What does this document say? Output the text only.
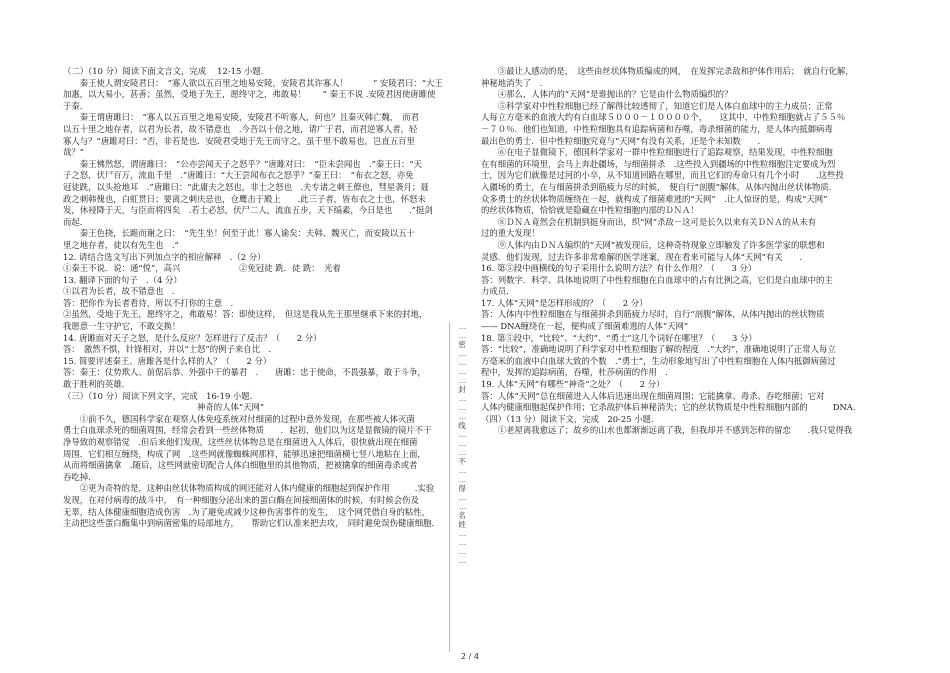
（二）（10 分）阅读下面文言文，完成　 12-15 小题．

　　秦王使人谓安陵君曰：　“寡人欲以五百里之地易安陵，安陵君其许寡人！　　　” 安陵君曰：“大王

加惠，以大易小，甚善；虽然，受地于先王，愿终守之，弗敢易！　　” 秦王不说 .安陵君因使唐雎使

于秦．

　　秦王谓唐雎曰：　“寡人以五百里之地易安陵，安陵君不听寡人，何也？且秦灭韩亡魏，　而君

以五十里之地存者，以君为长者，故不错意也　.今吾以十倍之地，请广于君，而君逆寡人者，轻

寡人与？”唐雎对曰：“否，非若是也．安陵君受地于先王而守之，虽千里不敢易也，岂直五百里

哉？”

　　秦王怫然怒，谓唐雎曰：　“公亦尝闻天子之怒乎？”唐雎对曰：　“臣未尝闻也　.”秦王曰：“天

子之怒，伏尸百万，流血千里　.”唐雎曰：“大王尝闻布衣之怒乎？”秦王曰：　“布衣之怒，亦免

冠徒跣，以头抢地耳　.”唐雎曰：“此庸夫之怒也，非士之怒也　.夫专诸之刺王僚也，彗星袭月；聂

政之刺韩傀也，白虹贯日；要离之刺庆忌也，仓鹰击于殿上　　.此三子者，皆布衣之士也，怀怒未

发，休祲降于天，与臣而将四矣　.若士必怒，伏尸二人，流血五步，天下缟素，今日是也　　.”挺剑

而起．

　　秦王色挠，长跪而谢之曰：　“先生坐！何至于此！寡人谕矣：夫韩、魏灭亡，而安陵以五十

里之地存者，徒以有先生也　.”

12. 请结合选文写出下列加点字的相应解释　.（2 分）

①秦王不说．说：通“悦”，高兴　　　　　　　②免冠徒 跣．徒 跣：　光着

13. 翻译下面的句子　.（4 分）

①以君为长者，故不错意也　.

答：把你作为长者看待，所以不打你的主意　.

②虽然，受地于先王，愿终守之，弗敢易！答：即使这样，　但这是我从先王那里继承下来的封地，

我愿意一生守护它，不敢交换！

14. 唐雎面对天子之怒，是什么反应？怎样进行了反击？（　　2 分）

答：　激然不惧，针锋相对，并以“士怒”的例子来自比　.

15. 简要评述秦王、唐雎各是什么样的人？（　　2 分）

答：秦王：仗势欺人、前倨后恭、外强中干的暴君　.　　唐雎：忠于使命，不畏强暴，敢于斗争，

敢于胜利的英雄．

（三）（10 分）阅读下列文字，完成　16-19 小题．

　　　　　　　　　　　　　　　　神奇的人体“天网”

　　①前不久，德国科学家在观察人体免疫系统对付细菌的过程中意外发现，在那些被人体灭菌

勇士白血球杀死的细菌周围，经常会看到一些丝体物质　　．起初，他们以为这是显微镜的镜片不干

净导致的观察错觉　.但后来他们发现，这些丝状体物总是在细菌进入人体后，很快就出现在细菌

周围．它们相互缠绕，构成了网　.这些网就像蜘蛛网那样，能够迅速把细菌横七竖八地粘在上面，

从而将细菌擒拿　.随后，这些网就密切配合人体白细胞里的其他物质，把被擒拿的细菌毒杀或者

吞吃掉．

　　②更为奇特的是，这种由丝状体物质构成的网还能对人体内健康的细胞起到保护作用　　　.实验

发现，在对付病毒的战斗中，　有一种细胞分泌出来的蛋白酶在间接细菌体的时候，有时候会伤及

无辜，结人体健康细胞造成伤害　.为了避免或减少这种伤害事件的发生，　这个网凭借自身的粘性，

主动把这些蛋白酶集中到病菌密集的局部地方，　　帮助它们认准来把去攻，　同时避免误伤健康细胞．

　　③最让人感动的是，　这些由丝状体物质编成的网，　在发挥完杀敌和护体作用后；　就自行化解，

神秘地消失了　.

　　④那么，人体内的“天网”是谁抛出的？它是由什么物质编织的？

　　⑤科学家对中性粒细胞已经了解得比较透彻了，知道它们是人体白血球中的主力成员：正常

人每立方毫米的血液大约有白血球５０００－１００００个，　　这其中，中性粒细胞就占了５５％

－７０％．他们也知道，中性粒细胞具有追踪病菌和吞噬，毒杀细菌的能力，是人体内抵御病毒

最出色的勇士．但中性粒细胞究竟与“天网”有没有关系，还是个未知数　　.

　　⑥在电子显微镜下，德国科学家对一群中性粒细胞进行了追踪观察，结果发现，中性粒细胞

在有细菌的环境里，会马上奔赴疆场，与细菌拼杀　.这些投入到疆场的中性粒细胞注定要成为烈

士，因为它们就像是过河的小卒，从不知道回路在哪里，而且它们的寿命只有几个小时　　.这些投

入疆场的勇士，在与细菌拼杀到筋疲力尽的时候，　便自行“剖腹”解体，从体内抛出丝状体物质．

众多勇士的丝状体物质缠绕在一起，就构成了细菌难逃的“天网”　.让人惊讶的是，构成“天网”

的丝状体物质，恰恰就是隐藏在中性粒细胞内部的ＤＮＡ！

　　⑧ＤＮＡ竟然会在机制到挺身而出，织“网”杀敌－这可是长久以来有关ＤＮＡ的从未有

过的重大发现！

　　⑨人体内由ＤＮＡ编织的“天网”被发现后，这种奇特现象立即触发了许多医学家的联想和

灵感．他们发现，过去许多非常难解的医学迷案，现在看来可能与人体“天网”有关　　.

16. 第⑤段中画横线的句子采用什么说明方法？有什么作用？（　　3 分）

答：列数字．科学、具体地说明了中性粒细胞在白血球中的占有比例之高，它们是白血球中的主

力成员．

17. 人体“天网”是怎样形成的？（　　2 分）

答：人体内中性粒细胞在与细菌拼杀到筋疲力尽时，自行“剖腹”解体，从体内抛出的丝状物质

—— DNA缠绕在一起，便构成了细菌难逃的人体“天网”

18. 第⑤段中，“比较”、“大约”、“勇士”这几个词好在哪里？（　　3 分）

答：“比较”，准确地说明了科学家对中性粒细胞了解的程度　.“大约”，准确地说明了正常人每立

方毫米的血液中白血球大致的个数　.“勇士”，生动形象地写出了中性粒细胞在人体内抵御病菌过

程中，发挥的追踪病菌，吞噬，杜莎病菌的作用　.

19. 人体“天网”有哪些“神奇”之处？（　　2 分）

答：人体“天网”总在细菌进入人体后迅速出现在细菌周围；它能擒拿、毒杀、吞吃细菌；它对

人体内健康细胞起保护作用；它杀敌护体后神秘消失；它的丝状物质是中性粒细胞内部的　　　DNA.

（四）（13 分）阅读下文，完成　20-25 小题．

　　①老屋离我愈远了；故乡的山水也都渐渐远离了我，但我却并不感到怎样的留恋　　.我只觉得我

…
…
密
…
…
…
…
封
…
…
…
线
…
…
…
不
…
…
得
…
…
名
姓
…
…
…
…
2 / 4
